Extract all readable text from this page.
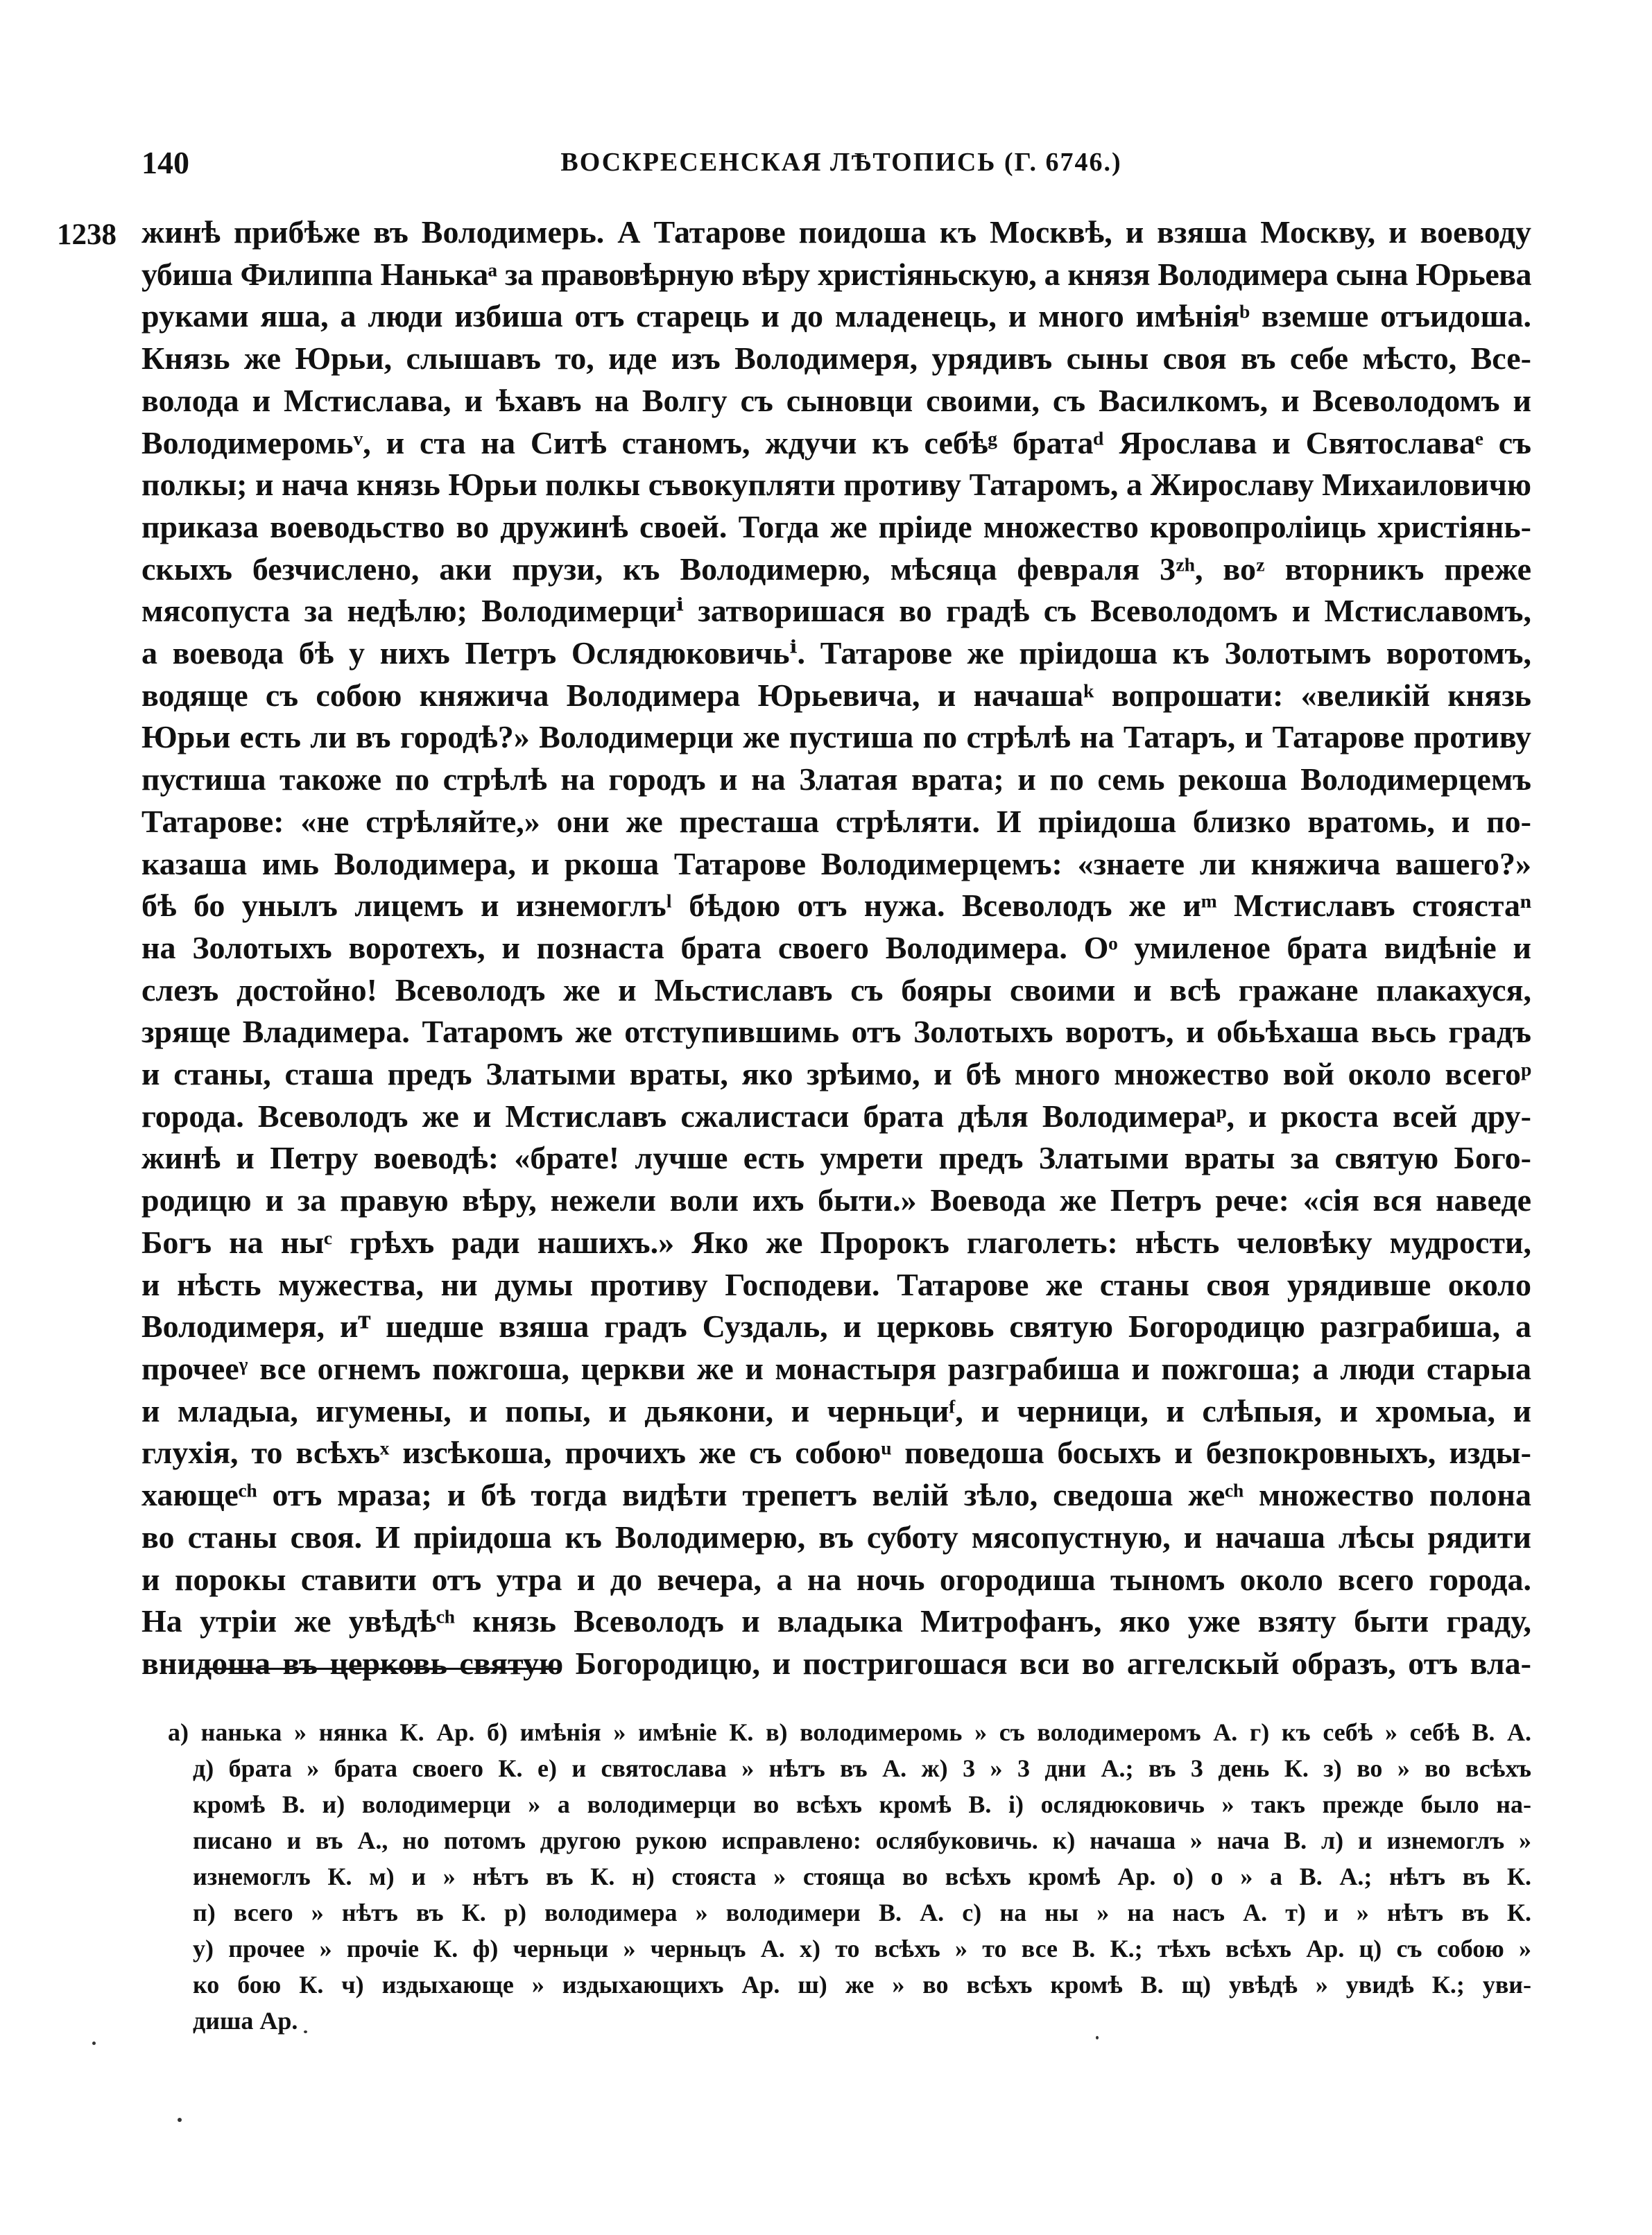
140	ВОСКРЕСЕНСКАЯ ЛѢТОПИСЬ (Г. 6746.)
1238 жинѣ прибѣже въ Володимерь. А Татарове поидоша къ Москвѣ, и взяша Москву, и воеводу
убиша Филиппа Нанькаᵃ за правовѣрную вѣру христіяньскую, а князя Володимера сына Юрьева
руками яша, а люди избиша отъ старець и до младенець, и много имѣніяᵇ вземше отъидоша.
Князь же Юрьи, слышавъ то, иде изъ Володимеря, урядивъ сыны своя въ себе мѣсто, Все-
волода и Мстислава, и ѣхавъ на Волгу съ сыновци своими, съ Василкомъ, и Всеволодомъ и
Володимеромьᵛ, и ста на Ситѣ станомъ, ждучи къ себѣᵍ братаᵈ Ярослава и Святославаᵉ съ
полкы; и нача князь Юрьи полкы съвокупляти противу Татаромъ, а Жирославу Михаиловичю
приказа воеводьство во дружинѣ своей. Тогда же пріиде множество кровопроліиць христіянь-
скыхъ безчислено, аки прузи, къ Володимерю, мѣсяца февраля 3ᶻʰ, воᶻ вторникъ преже
мясопуста за недѣлю; Володимерциⁱ затворишася во градѣ съ Всеволодомъ и Мстиславомъ,
а воевода бѣ у нихъ Петръ Ослядюковичьⁱ. Татарове же пріидоша къ Золотымъ воротомъ,
водяще съ собою княжича Володимера Юрьевича, и начашаᵏ вопрошати: «великій князь
Юрьи есть ли въ городѣ?» Володимерци же пустиша по стрѣлѣ на Татаръ, и Татарове противу
пустиша такоже по стрѣлѣ на городъ и на Златая врата; и по семь рекоша Володимерцемъ
Татарове: «не стрѣляйте,» они же престаша стрѣляти. И пріидоша близко вратомь, и по-
казаша имь Володимера, и ркоша Татарове Володимерцемъ: «знаете ли княжича вашего?»
бѣ бо унылъ лицемъ и изнемоглъˡ бѣдою отъ нужа. Всеволодъ же иᵐ Мстиславъ стоястаⁿ
на Золотыхъ воротехъ, и познаста брата своего Володимера. Oᵒ умиленое брата видѣніе и
слезъ достойно! Всеволодъ же и Мьстиславъ съ бояры своими и всѣ гражане плакахуся,
зряще Владимера. Татаромъ же отступившимь отъ Золотыхъ воротъ, и обьѣхаша вьсь градъ
и станы, сташа предъ Златыми враты, яко зрѣимо, и бѣ много множество вой около всегоᵖ
города. Всеволодъ же и Мстиславъ сжалистаси брата дѣля Володимераᵖ, и ркоста всей дру-
жинѣ и Петру воеводѣ: «брате! лучше есть умрети предъ Златыми враты за святую Бого-
родицю и за правую вѣру, нежели воли ихъ быти.» Воевода же Петръ рече: «сія вся наведе
Богъ на ныᶜ грѣхъ ради нашихъ.» Яко же Пророкъ глаголеть: нѣсть человѣку мудрости,
и нѣсть мужества, ни думы противу Господеви. Татарове же станы своя урядивше около
Володимеря, иᵀ шедше взяша градъ Суздаль, и церковь святую Богородицю разграбиша, а
прочееᵞ все огнемъ пожгоша, церкви же и монастыря разграбиша и пожгоша; а люди старыа
и младыа, игумены, и попы, и дьякони, и черньциᶠ, и черници, и слѣпыя, и хромыа, и
глухія, то всѣхъˣ изсѣкоша, прочихъ же съ собоюᵘ поведоша босыхъ и безпокровныхъ, изды-
хающеᶜʰ отъ мраза; и бѣ тогда видѣти трепетъ велій зѣло, сведоша жеᶜʰ множество полона
во станы своя. И пріидоша къ Володимерю, въ суботу мясопустную, и начаша лѣсы рядити
и порокы ставити отъ утра и до вечера, а на ночь огородиша тыномъ около всего города.
На утріи же увѣдѣᶜʰ князь Всеволодъ и владыка Митрофанъ, яко уже взяту быти граду,
внидоша въ церковь святую Богородицю, и постригошася вси во аггелскый образъ, отъ вла-
а) нанька » нянка К. Ар. б) имѣнія » имѣніе К. в) володимеромь » съ володимеромъ А. г) къ себѣ » себѣ В. А.
д) брата » брата своего К. е) и святослава » нѣтъ въ А. ж) 3 » 3 дни А.; въ 3 день К. з) во » во всѣхъ
кромѣ В. и) володимерци » а володимерци во всѣхъ кромѣ В. і) ослядюковичь » такъ прежде было на-
писано и въ А., но потомъ другою рукою исправлено: ослябуковичь. к) начаша » нача В. л) и изнемоглъ »
изнемоглъ К. м) и » нѣтъ въ К. н) стояста » стояща во всѣхъ кромѣ Ар. о) о » а В. А.; нѣтъ въ К.
п) всего » нѣтъ въ К. р) володимера » володимери В. А. с) на ны » на насъ А. т) и » нѣтъ въ К.
у) прочее » прочіе К. ф) черньци » черньцъ А. х) то всѣхъ » то все В. К.; тѣхъ всѣхъ Ар. ц) съ собою »
ко бою К. ч) издыхающе » издыхающихъ Ар. ш) же » во всѣхъ кромѣ В. щ) увѣдѣ » увидѣ К.; уви-
диша Ар.
